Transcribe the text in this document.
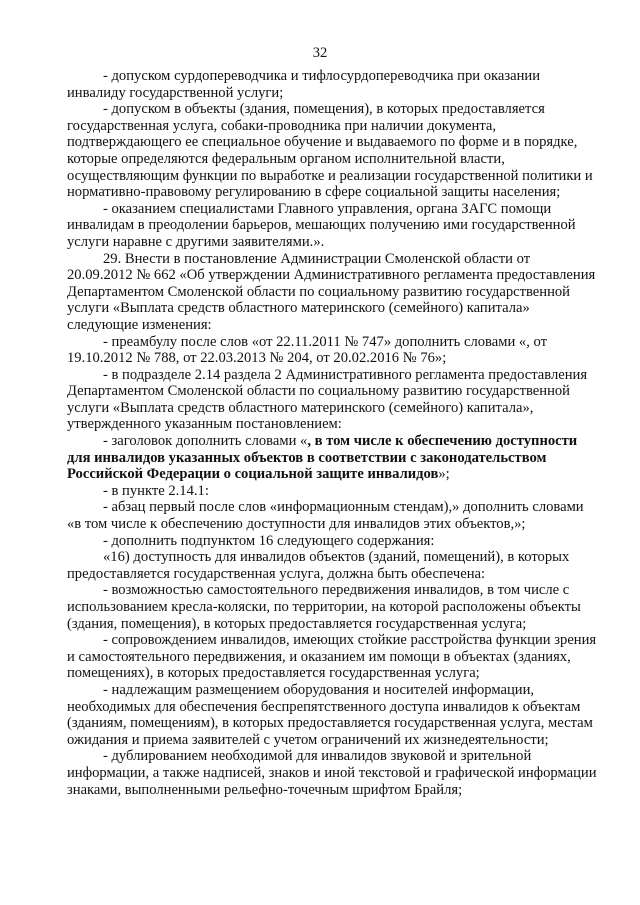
32

- допуском сурдопереводчика и тифлосурдопереводчика при оказании
инвалиду государственной услуги;

- допуском в объекты (здания, помещения), в которых предоставляется
государственная услуга, собаки-проводника при наличии документа,
подтверждающего ее специальное обучение и выдаваемого по форме и в порядке,
которые определяются федеральным органом исполнительной власти,
осуществляющим функции по выработке и реализации государственной политики и
нормативно-правовому регулированию в сфере социальной защиты населения;

- оказанием специалистами Главного управления, органа ЗАГС помощи
инвалидам в преодолении барьеров, мешающих получению ими государственной
услуги наравне с другими заявителями.».

29. Внести в постановление Администрации Смоленской области от
20.09.2012 № 662 «Об утверждении Административного регламента предоставления
Департаментом Смоленской области по социальному развитию государственной
услуги «Выплата средств областного материнского (семейного) капитала»
следующие изменения:

- преамбулу после слов «от 22.11.2011 № 747» дополнить словами «, от
19.10.2012 № 788, от 22.03.2013 № 204, от 20.02.2016 № 76»;

- в подразделе 2.14 раздела 2 Административного регламента предоставления
Департаментом Смоленской области по социальному развитию государственной
услуги «Выплата средств областного материнского (семейного) капитала»,
утвержденного указанным постановлением:

- заголовок дополнить словами «, в том числе к обеспечению доступности
для инвалидов указанных объектов в соответствии с законодательством
Российской Федерации о социальной защите инвалидов»;

- в пункте 2.14.1:

- абзац первый после слов «информационным стендам),» дополнить словами
«в том числе к обеспечению доступности для инвалидов этих объектов,»;

- дополнить подпунктом 16 следующего содержания:

«16) доступность для инвалидов объектов (зданий, помещений), в которых
предоставляется государственная услуга, должна быть обеспечена:

- возможностью самостоятельного передвижения инвалидов, в том числе с
использованием кресла-коляски, по территории, на которой расположены объекты
(здания, помещения), в которых предоставляется государственная услуга;

- сопровождением инвалидов, имеющих стойкие расстройства функции зрения
и самостоятельного передвижения, и оказанием им помощи в объектах (зданиях,
помещениях), в которых предоставляется государственная услуга;

- надлежащим размещением оборудования и носителей информации,
необходимых для обеспечения беспрепятственного доступа инвалидов к объектам
(зданиям, помещениям), в которых предоставляется государственная услуга, местам
ожидания и приема заявителей с учетом ограничений их жизнедеятельности;

- дублированием необходимой для инвалидов звуковой и зрительной
информации, а также надписей, знаков и иной текстовой и графической информации
знаками, выполненными рельефно-точечным шрифтом Брайля;
